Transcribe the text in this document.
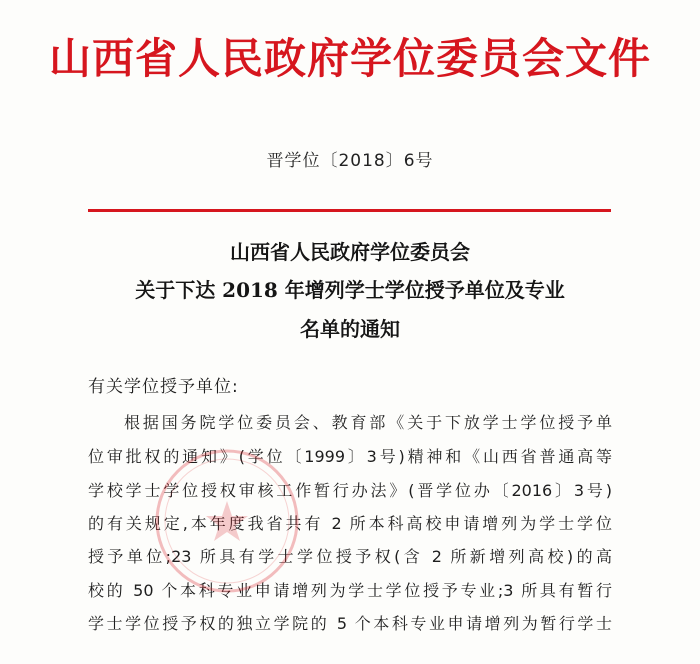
山西省人民政府学位委员会文件
晋学位〔2018〕6号
山西省人民政府学位委员会
关于下达 2018 年增列学士学位授予单位及专业
名单的通知
有关学位授予单位:
根据国务院学位委员会、教育部《关于下放学士学位授予单
位审批权的通知》(学位〔1999〕3号)精神和《山西省普通高等
学校学士学位授权审核工作暂行办法》(晋学位办〔2016〕3号)
的有关规定,本年度我省共有 2 所本科高校申请增列为学士学位
授予单位;23 所具有学士学位授予权(含 2 所新增列高校)的高
校的 50 个本科专业申请增列为学士学位授予专业;3 所具有暂行
学士学位授予权的独立学院的 5 个本科专业申请增列为暂行学士
